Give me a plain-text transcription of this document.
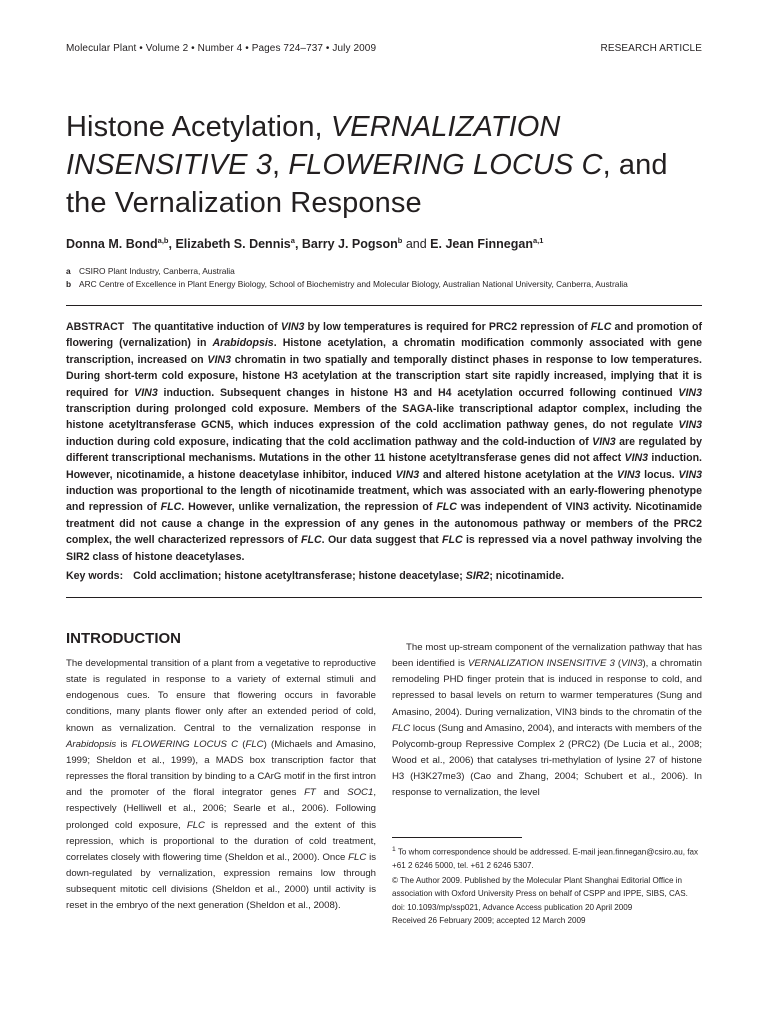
Molecular Plant • Volume 2 • Number 4 • Pages 724–737 • July 2009	RESEARCH ARTICLE
Histone Acetylation, VERNALIZATION INSENSITIVE 3, FLOWERING LOCUS C, and the Vernalization Response
Donna M. Bond$^{a,b}$, Elizabeth S. Dennis$^a$, Barry J. Pogson$^b$ and E. Jean Finnegan$^{a,1}$
a CSIRO Plant Industry, Canberra, Australia
b ARC Centre of Excellence in Plant Energy Biology, School of Biochemistry and Molecular Biology, Australian National University, Canberra, Australia

ABSTRACT The quantitative induction of VIN3 by low temperatures is required for PRC2 repression of FLC and promotion of flowering (vernalization) in Arabidopsis. Histone acetylation, a chromatin modification commonly associated with gene transcription, increased on VIN3 chromatin in two spatially and temporally distinct phases in response to low temperatures. During short-term cold exposure, histone H3 acetylation at the transcription start site rapidly increased, implying that it is required for VIN3 induction. Subsequent changes in histone H3 and H4 acetylation occurred following continued VIN3 transcription during prolonged cold exposure. Members of the SAGA-like transcriptional adaptor complex, including the histone acetyltransferase GCN5, which induces expression of the cold acclimation pathway genes, do not regulate VIN3 induction during cold exposure, indicating that the cold acclimation pathway and the cold-induction of VIN3 are regulated by different transcriptional mechanisms. Mutations in the other 11 histone acetyltransferase genes did not affect VIN3 induction. However, nicotinamide, a histone deacetylase inhibitor, induced VIN3 and altered histone acetylation at the VIN3 locus. VIN3 induction was proportional to the length of nicotinamide treatment, which was associated with an early-flowering phenotype and repression of FLC. However, unlike vernalization, the repression of FLC was independent of VIN3 activity. Nicotinamide treatment did not cause a change in the expression of any genes in the autonomous pathway or members of the PRC2 complex, the well characterized repressors of FLC. Our data suggest that FLC is repressed via a novel pathway involving the SIR2 class of histone deacetylases.

Key words: Cold acclimation; histone acetyltransferase; histone deacetylase; SIR2; nicotinamide.
INTRODUCTION

The developmental transition of a plant from a vegetative to reproductive state is regulated in response to a variety of external stimuli and endogenous cues. To ensure that flowering occurs in favorable conditions, many plants flower only after an extended period of cold, known as vernalization. Central to the vernalization response in Arabidopsis is FLOWERING LOCUS C (FLC) (Michaels and Amasino, 1999; Sheldon et al., 1999), a MADS box transcription factor that represses the floral transition by binding to a CArG motif in the first intron and the promoter of the floral integrator genes FT and SOC1, respectively (Helliwell et al., 2006; Searle et al., 2006). Following prolonged cold exposure, FLC is repressed and the extent of this repression, which is proportional to the duration of cold treatment, correlates closely with flowering time (Sheldon et al., 2000). Once FLC is down-regulated by vernalization, expression remains low through subsequent mitotic cell divisions (Sheldon et al., 2000) until activity is reset in the embryo of the next generation (Sheldon et al., 2008).

The most up-stream component of the vernalization pathway that has been identified is VERNALIZATION INSENSITIVE 3 (VIN3), a chromatin remodeling PHD finger protein that is induced in response to cold, and repressed to basal levels on return to warmer temperatures (Sung and Amasino, 2004). During vernalization, VIN3 binds to the chromatin of the FLC locus (Sung and Amasino, 2004), and interacts with members of the Polycomb-group Repressive Complex 2 (PRC2) (De Lucia et al., 2008; Wood et al., 2006) that catalyses tri-methylation of lysine 27 of histone H3 (H3K27me3) (Cao and Zhang, 2004; Schubert et al., 2006). In response to vernalization, the level

$^1$ To whom correspondence should be addressed. E-mail jean.finnegan@csiro.au, fax +61 2 6246 5000, tel. +61 2 6246 5307.
© The Author 2009. Published by the Molecular Plant Shanghai Editorial Office in association with Oxford University Press on behalf of CSPP and IPPE, SIBS, CAS.
doi: 10.1093/mp/ssp021, Advance Access publication 20 April 2009
Received 26 February 2009; accepted 12 March 2009
